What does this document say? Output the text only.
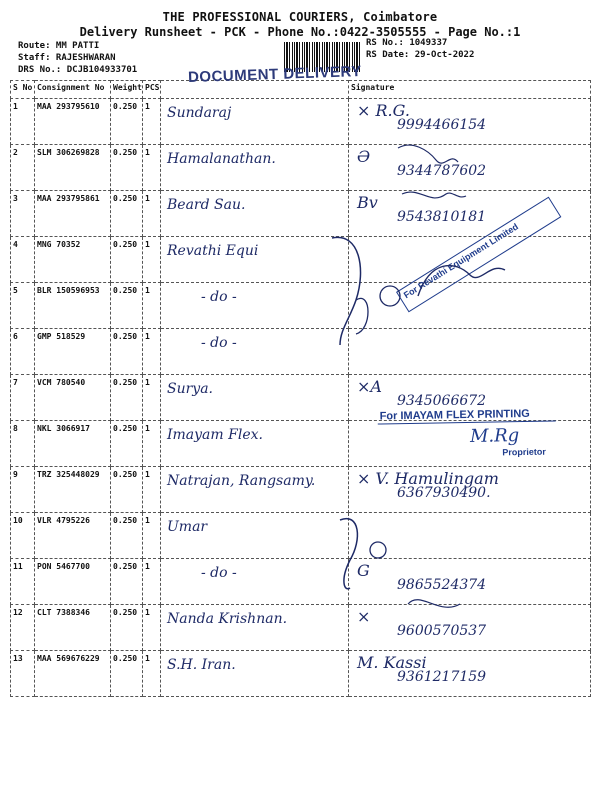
THE PROFESSIONAL COURIERS, Coimbatore
Delivery Runsheet - PCK - Phone No.:0422-3505555 - Page No.:1
Route: MM PATTI
Staff: RAJESHWARAN
DRS No.: DCJB104933701
RS No.: 1049337
RS Date: 29-Oct-2022
S No	Consignment No	Weight	PCS		Signature
1	MAA 293795610	0.250	1	Sundaraj	× R.G.
9994466154

2	SLM 306269828	0.250	1	Hamalanathan.	Ə
9344787602

3	MAA 293795861	0.250	1	Beard Sau.	Bv
9543810181

4	MNG 70352	0.250	1	Revathi Equi	

5	BLR 150596953	0.250	1	- do -	

6	GMP 518529	0.250	1	- do -	

7	VCM 780540	0.250	1	Surya.	×A
9345066672

8	NKL 3066917	0.250	1	Imayam Flex.	

9	TRZ 325448029	0.250	1	Natrajan, Rangsamy.	× V. Hamulingam
6367930490.

10	VLR 4795226	0.250	1	Umar	

11	PON 5467700	0.250	1	- do -	G
9865524374

12	CLT 7388346	0.250	1	Nanda Krishnan.	×
9600570537

13	MAA 569676229	0.250	1	S.H. Iran.	M. Kassi
9361217159
DOCUMENT DELIVERY
For Revathi Equipment Limited
For IMAYAM FLEX PRINTING
M.Rg
Proprietor
